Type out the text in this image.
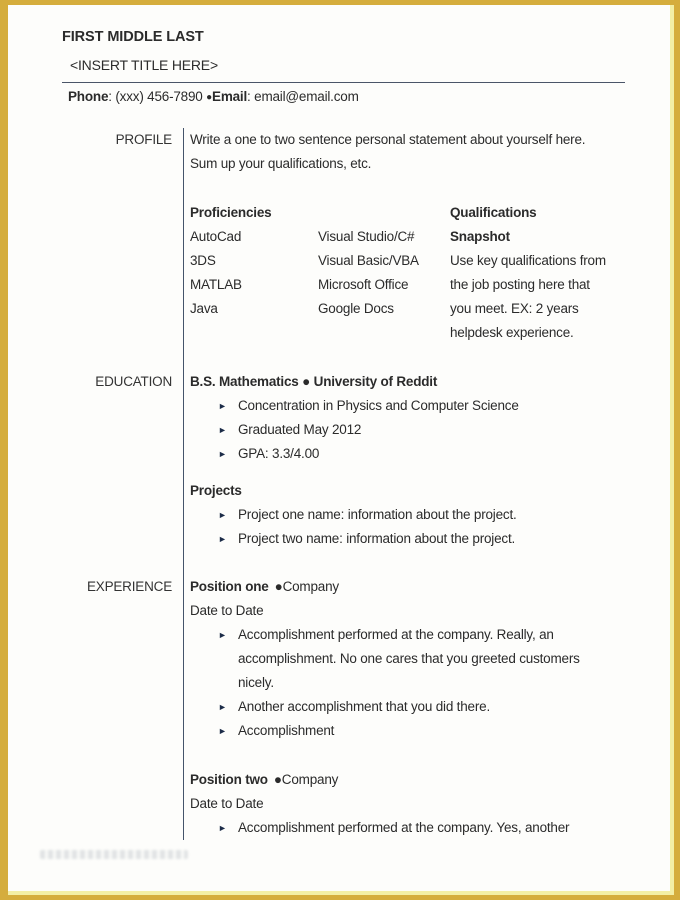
FIRST MIDDLE LAST
<INSERT TITLE HERE>
Phone: (xxx) 456-7890 ●Email: email@email.com
PROFILE Write a one to two sentence personal statement about yourself here. Sum up your qualifications, etc.
Proficiencies
AutoCad
3DS
MATLAB
Java
Visual Studio/C#
Visual Basic/VBA
Microsoft Office
Google Docs
Qualifications
Snapshot
Use key qualifications from the job posting here that you meet. EX: 2 years helpdesk experience.
EDUCATION B.S. Mathematics ● University of Reddit
► Concentration in Physics and Computer Science
► Graduated May 2012
► GPA: 3.3/4.00
Projects
► Project one name: information about the project.
► Project two name: information about the project.
EXPERIENCE Position one ●Company
Date to Date
► Accomplishment performed at the company. Really, an accomplishment. No one cares that you greeted customers nicely.
► Another accomplishment that you did there.
► Accomplishment
Position two ●Company
Date to Date
► Accomplishment performed at the company. Yes, another
